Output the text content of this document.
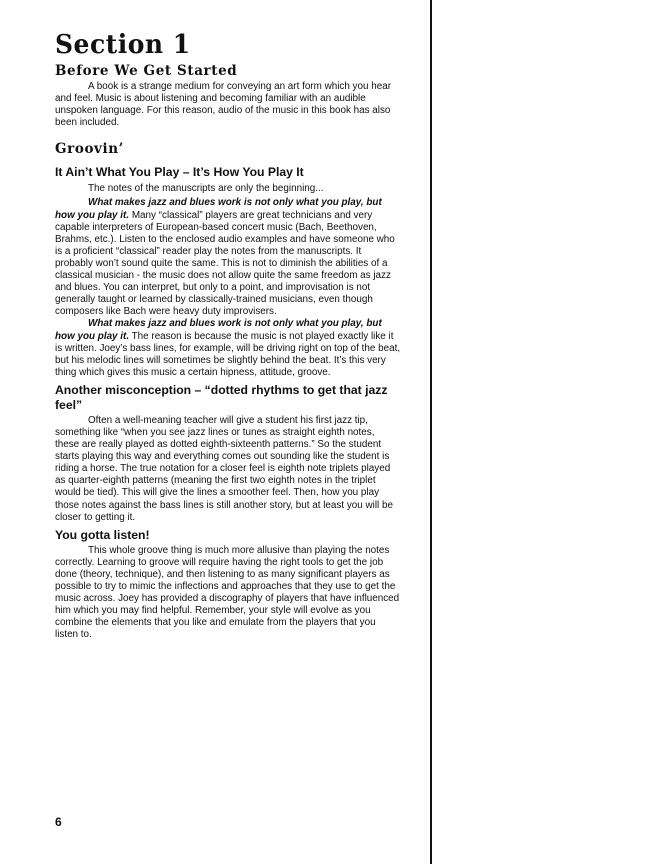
Section 1
Before We Get Started

A book is a strange medium for conveying an art form which you hear and feel. Music is about listening and becoming familiar with an audible unspoken language. For this reason, audio of the music in this book has also been included.

Groovin’
It Ain’t What You Play – It’s How You Play It

The notes of the manuscripts are only the beginning...

What makes jazz and blues work is not only what you play, but how you play it. Many “classical” players are great technicians and very capable interpreters of European-based concert music (Bach, Beethoven, Brahms, etc.). Listen to the enclosed audio examples and have someone who is a proficient “classical” reader play the notes from the manuscripts. It probably won’t sound quite the same. This is not to diminish the abilities of a classical musician - the music does not allow quite the same freedom as jazz and blues. You can interpret, but only to a point, and improvisation is not generally taught or learned by classically-trained musicians, even though composers like Bach were heavy duty improvisers.

What makes jazz and blues work is not only what you play, but how you play it. The reason is because the music is not played exactly like it is written. Joey’s bass lines, for example, will be driving right on top of the beat, but his melodic lines will sometimes be slightly behind the beat. It’s this very thing which gives this music a certain hipness, attitude, groove.

Another misconception – “dotted rhythms to get that jazz feel”

Often a well-meaning teacher will give a student his first jazz tip, something like “when you see jazz lines or tunes as straight eighth notes, these are really played as dotted eighth-sixteenth patterns.” So the student starts playing this way and everything comes out sounding like the student is riding a horse. The true notation for a closer feel is eighth note triplets played as quarter-eighth patterns (meaning the first two eighth notes in the triplet would be tied). This will give the lines a smoother feel. Then, how you play those notes against the bass lines is still another story, but at least you will be closer to getting it.

You gotta listen!

This whole groove thing is much more allusive than playing the notes correctly. Learning to groove will require having the right tools to get the job done (theory, technique), and then listening to as many significant players as possible to try to mimic the inflections and approaches that they use to get the music across. Joey has provided a discography of players that have influenced him which you may find helpful. Remember, your style will evolve as you combine the elements that you like and emulate from the players that you listen to.

6
